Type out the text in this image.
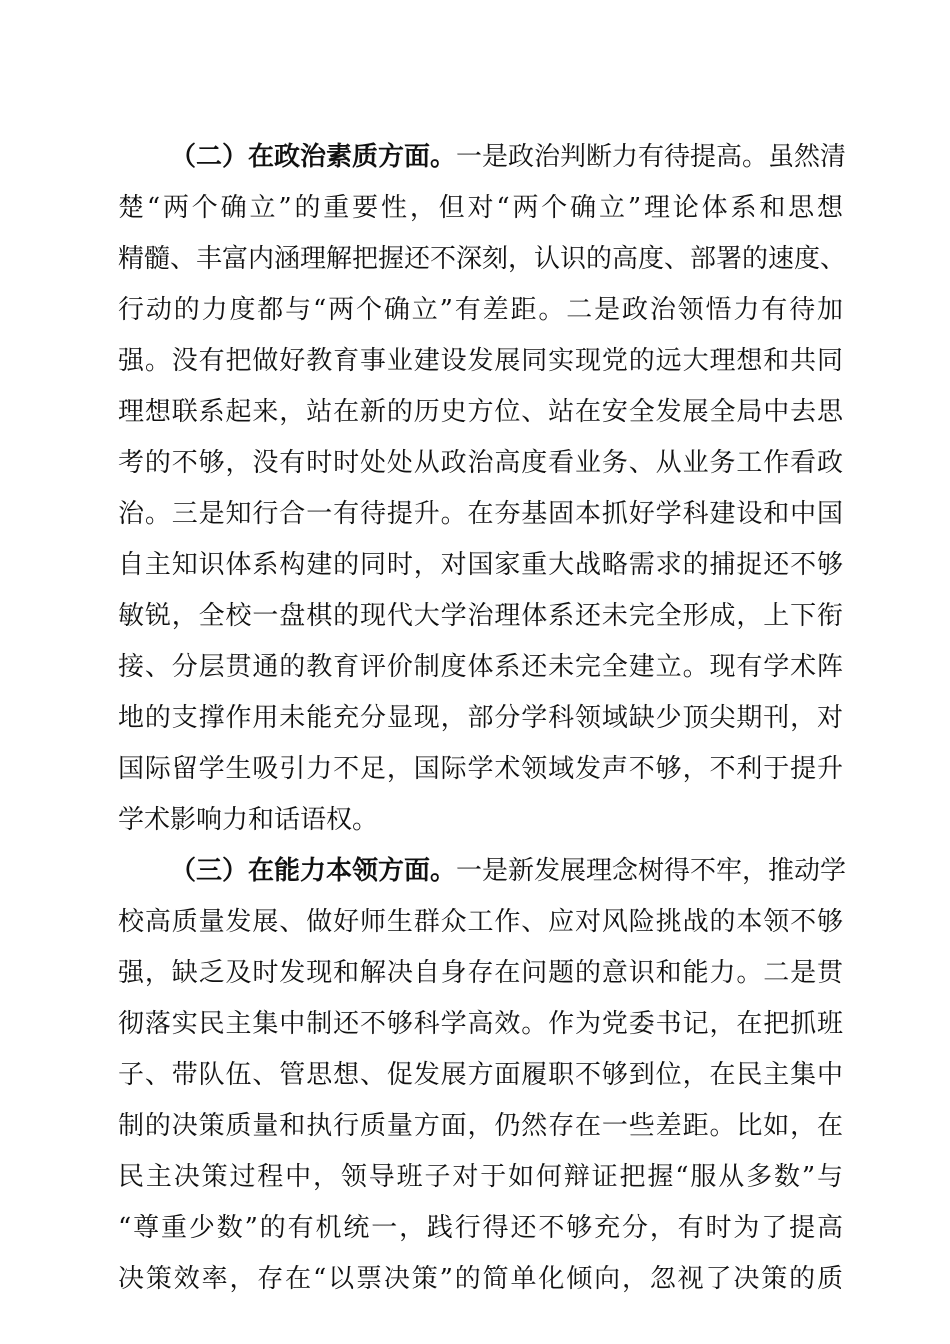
（二）在政治素质方面。一是政治判断力有待提高。虽然清
楚“两个确立”的重要性，但对“两个确立”理论体系和思想
精髓、丰富内涵理解把握还不深刻，认识的高度、部署的速度、
行动的力度都与“两个确立”有差距。二是政治领悟力有待加
强。没有把做好教育事业建设发展同实现党的远大理想和共同
理想联系起来，站在新的历史方位、站在安全发展全局中去思
考的不够，没有时时处处从政治高度看业务、从业务工作看政
治。三是知行合一有待提升。在夯基固本抓好学科建设和中国
自主知识体系构建的同时，对国家重大战略需求的捕捉还不够
敏锐，全校一盘棋的现代大学治理体系还未完全形成，上下衔
接、分层贯通的教育评价制度体系还未完全建立。现有学术阵
地的支撑作用未能充分显现，部分学科领域缺少顶尖期刊，对
国际留学生吸引力不足，国际学术领域发声不够，不利于提升
学术影响力和话语权。
（三）在能力本领方面。一是新发展理念树得不牢，推动学
校高质量发展、做好师生群众工作、应对风险挑战的本领不够
强，缺乏及时发现和解决自身存在问题的意识和能力。二是贯
彻落实民主集中制还不够科学高效。作为党委书记，在把抓班
子、带队伍、管思想、促发展方面履职不够到位，在民主集中
制的决策质量和执行质量方面，仍然存在一些差距。比如，在
民主决策过程中，领导班子对于如何辩证把握“服从多数”与
“尊重少数”的有机统一，践行得还不够充分，有时为了提高
决策效率，存在“以票决策”的简单化倾向，忽视了决策的质
